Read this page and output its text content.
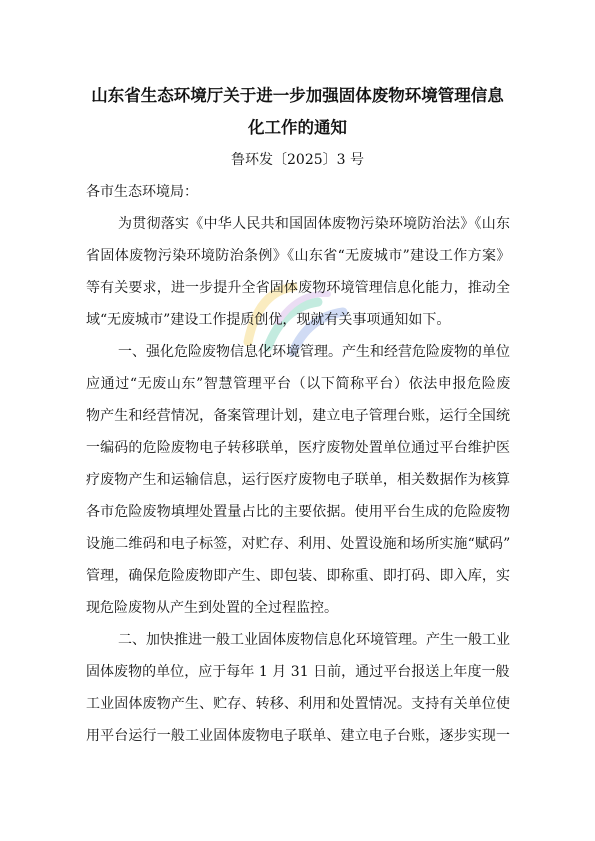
山东省生态环境厅关于进一步加强固体废物环境管理信息
化工作的通知
鲁环发〔2025〕3 号
各市生态环境局：
为贯彻落实《中华人民共和国固体废物污染环境防治法》《山东
省固体废物污染环境防治条例》《山东省“无废城市”建设工作方案》
等有关要求，进一步提升全省固体废物环境管理信息化能力，推动全
域“无废城市”建设工作提质创优，现就有关事项通知如下。
一、强化危险废物信息化环境管理。产生和经营危险废物的单位
应通过“无废山东”智慧管理平台（以下简称平台）依法申报危险废
物产生和经营情况，备案管理计划，建立电子管理台账，运行全国统
一编码的危险废物电子转移联单，医疗废物处置单位通过平台维护医
疗废物产生和运输信息，运行医疗废物电子联单，相关数据作为核算
各市危险废物填埋处置量占比的主要依据。使用平台生成的危险废物
设施二维码和电子标签，对贮存、利用、处置设施和场所实施“赋码”
管理，确保危险废物即产生、即包装、即称重、即打码、即入库，实
现危险废物从产生到处置的全过程监控。
二、加快推进一般工业固体废物信息化环境管理。产生一般工业
固体废物的单位，应于每年 1 月 31 日前，通过平台报送上年度一般
工业固体废物产生、贮存、转移、利用和处置情况。支持有关单位使
用平台运行一般工业固体废物电子联单、建立电子台账，逐步实现一
